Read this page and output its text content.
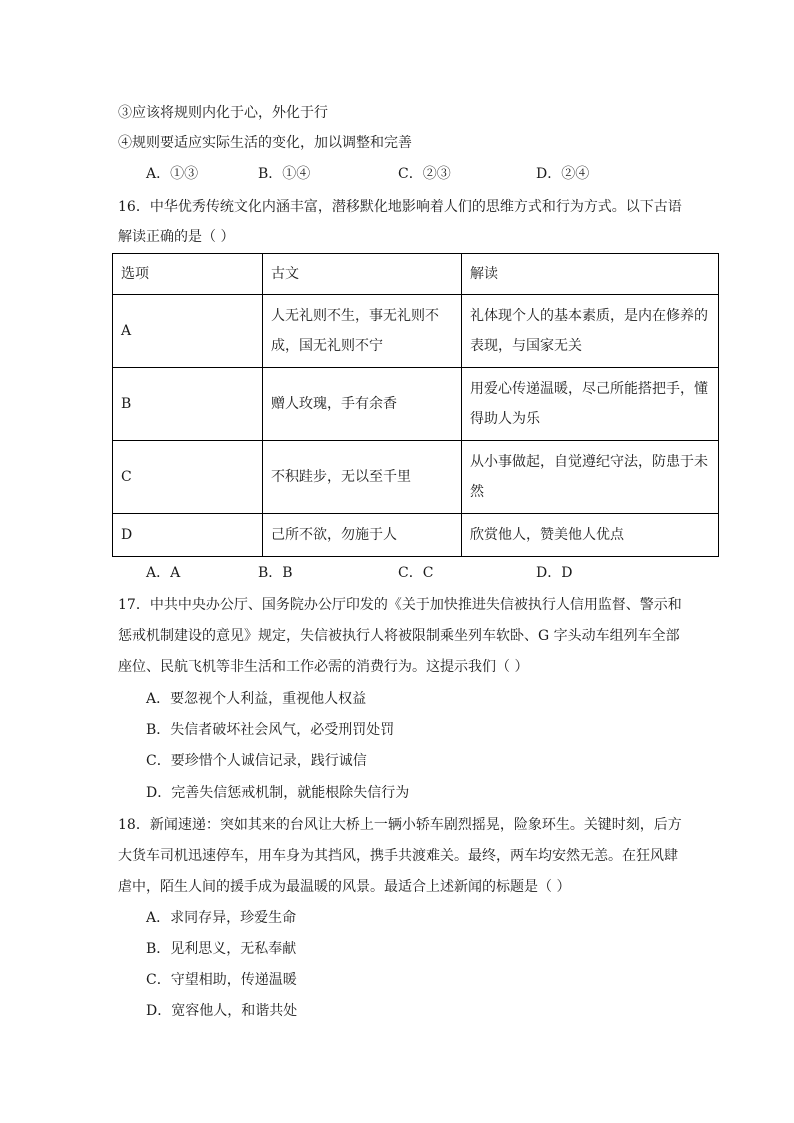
③应该将规则内化于心，外化于行
④规则要适应实际生活的变化，加以调整和完善
A．①③	B．①④	C．②③	D．②④
16．中华优秀传统文化内涵丰富，潜移默化地影响着人们的思维方式和行为方式。以下古语
解读正确的是（ ）
选项	古文	解读
A	人无礼则不生，事无礼则不成，国无礼则不宁	礼体现个人的基本素质，是内在修养的表现，与国家无关
B	赠人玫瑰，手有余香	用爱心传递温暖，尽己所能搭把手，懂得助人为乐
C	不积跬步，无以至千里	从小事做起，自觉遵纪守法，防患于未然
D	己所不欲，勿施于人	欣赏他人，赞美他人优点
A．A	B．B	C．C	D．D
17．中共中央办公厅、国务院办公厅印发的《关于加快推进失信被执行人信用监督、警示和
惩戒机制建设的意见》规定，失信被执行人将被限制乘坐列车软卧、G 字头动车组列车全部
座位、民航飞机等非生活和工作必需的消费行为。这提示我们（ ）
A．要忽视个人利益，重视他人权益
B．失信者破坏社会风气，必受刑罚处罚
C．要珍惜个人诚信记录，践行诚信
D．完善失信惩戒机制，就能根除失信行为
18．新闻速递：突如其来的台风让大桥上一辆小轿车剧烈摇晃，险象环生。关键时刻，后方
大货车司机迅速停车，用车身为其挡风，携手共渡难关。最终，两车均安然无恙。在狂风肆
虐中，陌生人间的援手成为最温暖的风景。最适合上述新闻的标题是（ ）
A．求同存异，珍爱生命
B．见利思义，无私奉献
C．守望相助，传递温暖
D．宽容他人，和谐共处
